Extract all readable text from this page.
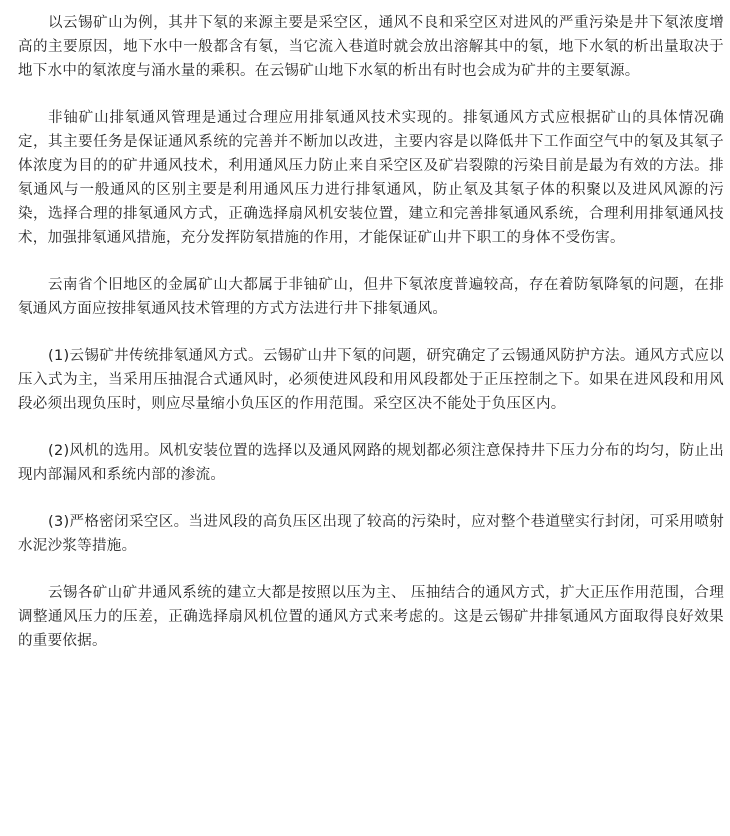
以云锡矿山为例，其井下氡的来源主要是采空区，通风不良和采空区对进风的严重污染是井下氡浓度增高的主要原因，地下水中一般都含有氡，当它流入巷道时就会放出溶解其中的氡，地下水氡的析出量取决于地下水中的氡浓度与涌水量的乘积。在云锡矿山地下水氡的析出有时也会成为矿井的主要氡源。

非铀矿山排氡通风管理是通过合理应用排氡通风技术实现的。排氡通风方式应根据矿山的具体情况确定，其主要任务是保证通风系统的完善并不断加以改进，主要内容是以降低井下工作面空气中的氡及其氡子体浓度为目的的矿井通风技术，利用通风压力防止来自采空区及矿岩裂隙的污染目前是最为有效的方法。排氡通风与一般通风的区别主要是利用通风压力进行排氡通风，防止氡及其氡子体的积聚以及进风风源的污染，选择合理的排氡通风方式，正确选择扇风机安装位置，建立和完善排氡通风系统，合理利用排氡通风技术，加强排氡通风措施，充分发挥防氡措施的作用，才能保证矿山井下职工的身体不受伤害。

云南省个旧地区的金属矿山大都属于非铀矿山，但井下氡浓度普遍较高，存在着防氡降氡的问题，在排氡通风方面应按排氡通风技术管理的方式方法进行井下排氡通风。

(1)云锡矿井传统排氡通风方式。云锡矿山井下氡的问题，研究确定了云锡通风防护方法。通风方式应以压入式为主，当采用压抽混合式通风时，必须使进风段和用风段都处于正压控制之下。如果在进风段和用风段必须出现负压时，则应尽量缩小负压区的作用范围。采空区决不能处于负压区内。

(2)风机的选用。风机安装位置的选择以及通风网路的规划都必须注意保持井下压力分布的均匀，防止出现内部漏风和系统内部的渗流。

(3)严格密闭采空区。当进风段的高负压区出现了较高的污染时，应对整个巷道壁实行封闭，可采用喷射水泥沙浆等措施。

云锡各矿山矿井通风系统的建立大都是按照以压为主、 压抽结合的通风方式，扩大正压作用范围，合理调整通风压力的压差，正确选择扇风机位置的通风方式来考虑的。这是云锡矿井排氡通风方面取得良好效果的重要依据。
